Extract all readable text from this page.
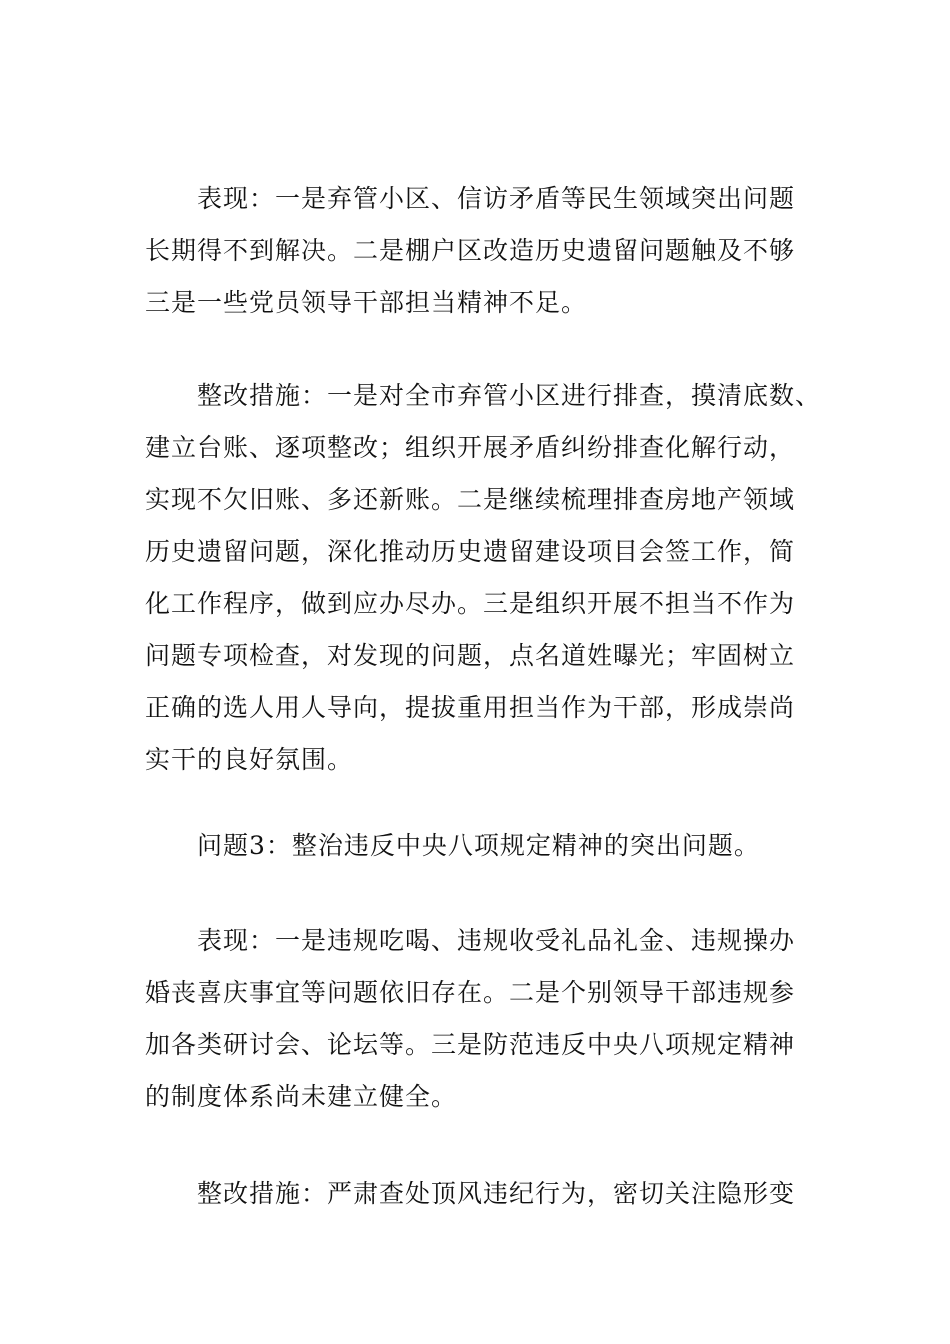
表现：一是弃管小区、信访矛盾等民生领域突出问题
长期得不到解决。二是棚户区改造历史遗留问题触及不够
三是一些党员领导干部担当精神不足。
整改措施：一是对全市弃管小区进行排查，摸清底数、
建立台账、逐项整改；组织开展矛盾纠纷排查化解行动，
实现不欠旧账、多还新账。二是继续梳理排查房地产领域
历史遗留问题，深化推动历史遗留建设项目会签工作，简
化工作程序，做到应办尽办。三是组织开展不担当不作为
问题专项检查，对发现的问题，点名道姓曝光；牢固树立
正确的选人用人导向，提拔重用担当作为干部，形成崇尚
实干的良好氛围。
问题3：整治违反中央八项规定精神的突出问题。
表现：一是违规吃喝、违规收受礼品礼金、违规操办
婚丧喜庆事宜等问题依旧存在。二是个别领导干部违规参
加各类研讨会、论坛等。三是防范违反中央八项规定精神
的制度体系尚未建立健全。
整改措施：严肃查处顶风违纪行为，密切关注隐形变
